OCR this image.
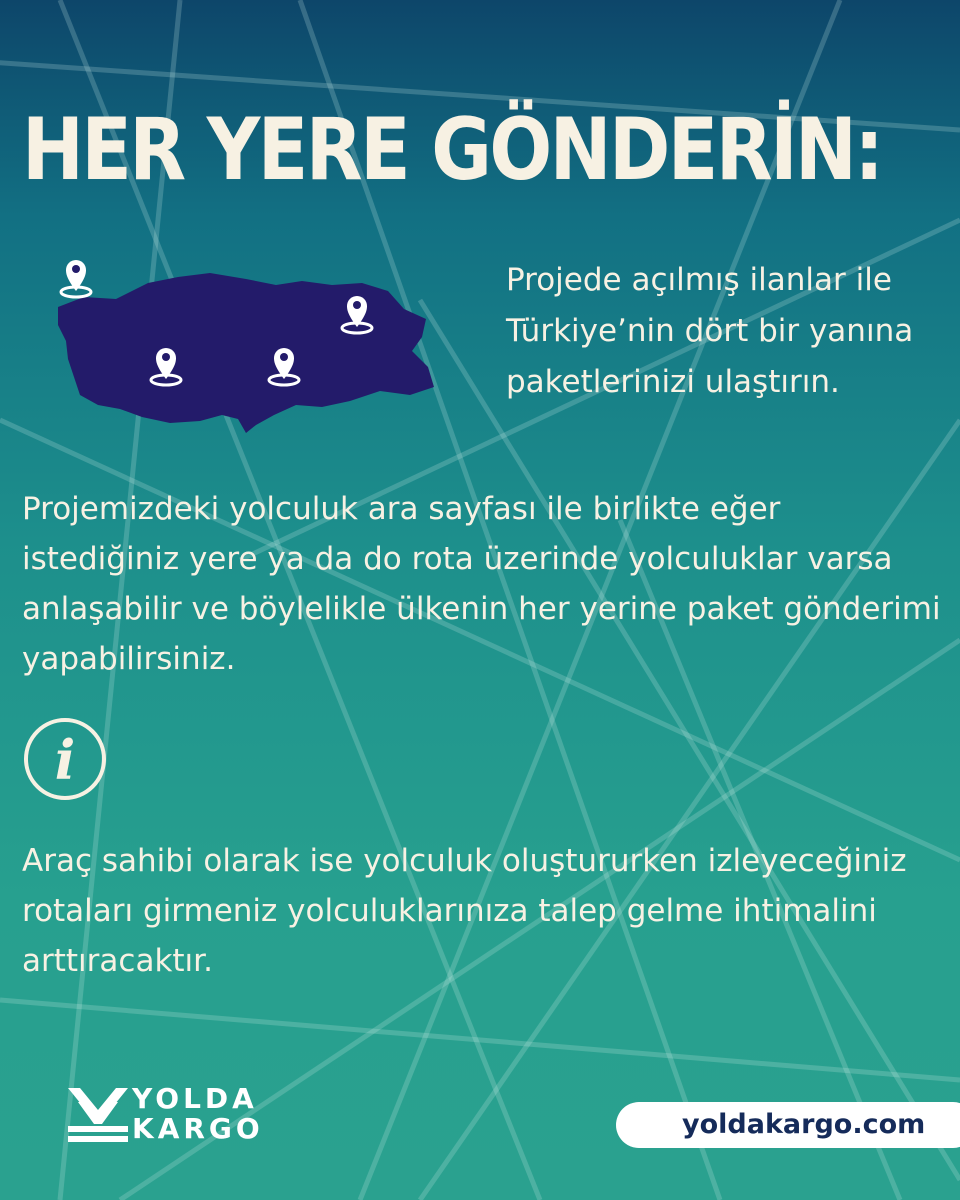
HER YERE GÖNDERİN:

Projede açılmış ilanlar ile Türkiye’nin dört bir yanına paketlerinizi ulaştırın.

Projemizdeki yolculuk ara sayfası ile birlikte eğer istediğiniz yere ya da do rota üzerinde yolculuklar varsa anlaşabilir ve böylelikle ülkenin her yerine paket gönderimi yapabilirsiniz.

i

Araç sahibi olarak ise yolculuk oluştururken izleyeceğiniz rotaları girmeniz yolculuklarınıza talep gelme ihtimalini arttıracaktır.

YOLDA
KARGO	yoldakargo.com
